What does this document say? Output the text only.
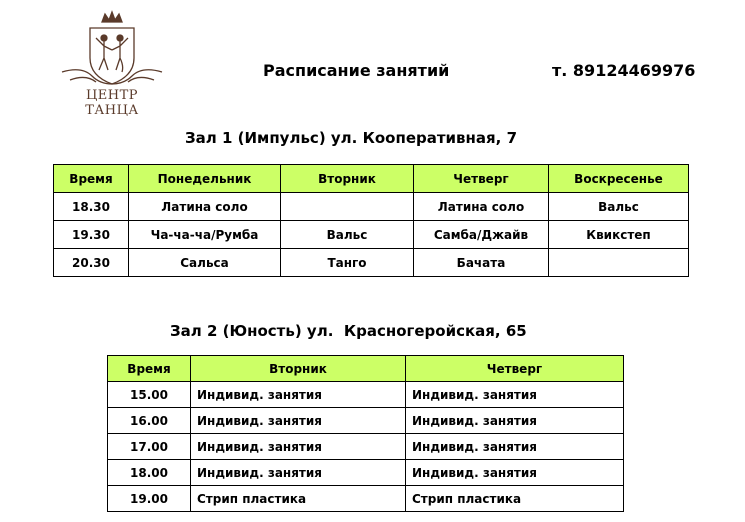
ЦЕНТР ТАНЦА
Расписание занятий	т. 89124469976
Зал 1 (Импульс) ул. Кооперативная, 7
Время	Понедельник	Вторник	Четверг	Воскресенье
18.30	Латина соло		Латина соло	Вальс
19.30	Ча-ча-ча/Румба	Вальс	Самба/Джайв	Квикстеп
20.30	Сальса	Танго	Бачата	
Зал 2 (Юность) ул.  Красногеройская, 65
Время	Вторник	Четверг
15.00	Индивид. занятия	Индивид. занятия
16.00	Индивид. занятия	Индивид. занятия
17.00	Индивид. занятия	Индивид. занятия
18.00	Индивид. занятия	Индивид. занятия
19.00	Стрип пластика	Стрип пластика
